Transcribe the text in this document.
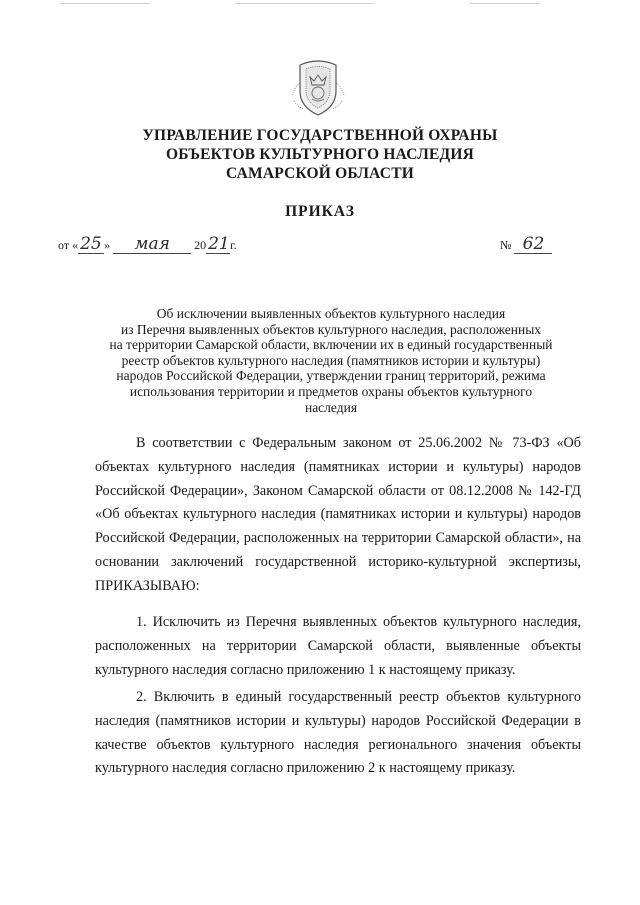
УПРАВЛЕНИЕ ГОСУДАРСТВЕННОЙ ОХРАНЫ
ОБЪЕКТОВ КУЛЬТУРНОГО НАСЛЕДИЯ
САМАРСКОЙ ОБЛАСТИ
ПРИКАЗ
от « 25 » мая 20 21г.	№ 62
Об исключении выявленных объектов культурного наследия
из Перечня выявленных объектов культурного наследия, расположенных
на территории Самарской области, включении их в единый государственный
реестр объектов культурного наследия (памятников истории и культуры)
народов Российской Федерации, утверждении границ территорий, режима
использования территории и предметов охраны объектов культурного
наследия

В соответствии с Федеральным законом от 25.06.2002 № 73-ФЗ «Об объектах культурного наследия (памятниках истории и культуры) народов Российской Федерации», Законом Самарской области от 08.12.2008 № 142-ГД «Об объектах культурного наследия (памятниках истории и культуры) народов Российской Федерации, расположенных на территории Самарской области», на основании заключений государственной историко-культурной экспертизы, ПРИКАЗЫВАЮ:

1. Исключить из Перечня выявленных объектов культурного наследия, расположенных на территории Самарской области, выявленные объекты культурного наследия согласно приложению 1 к настоящему приказу.

2. Включить в единый государственный реестр объектов культурного наследия (памятников истории и культуры) народов Российской Федерации в качестве объектов культурного наследия регионального значения объекты культурного наследия согласно приложению 2 к настоящему приказу.
